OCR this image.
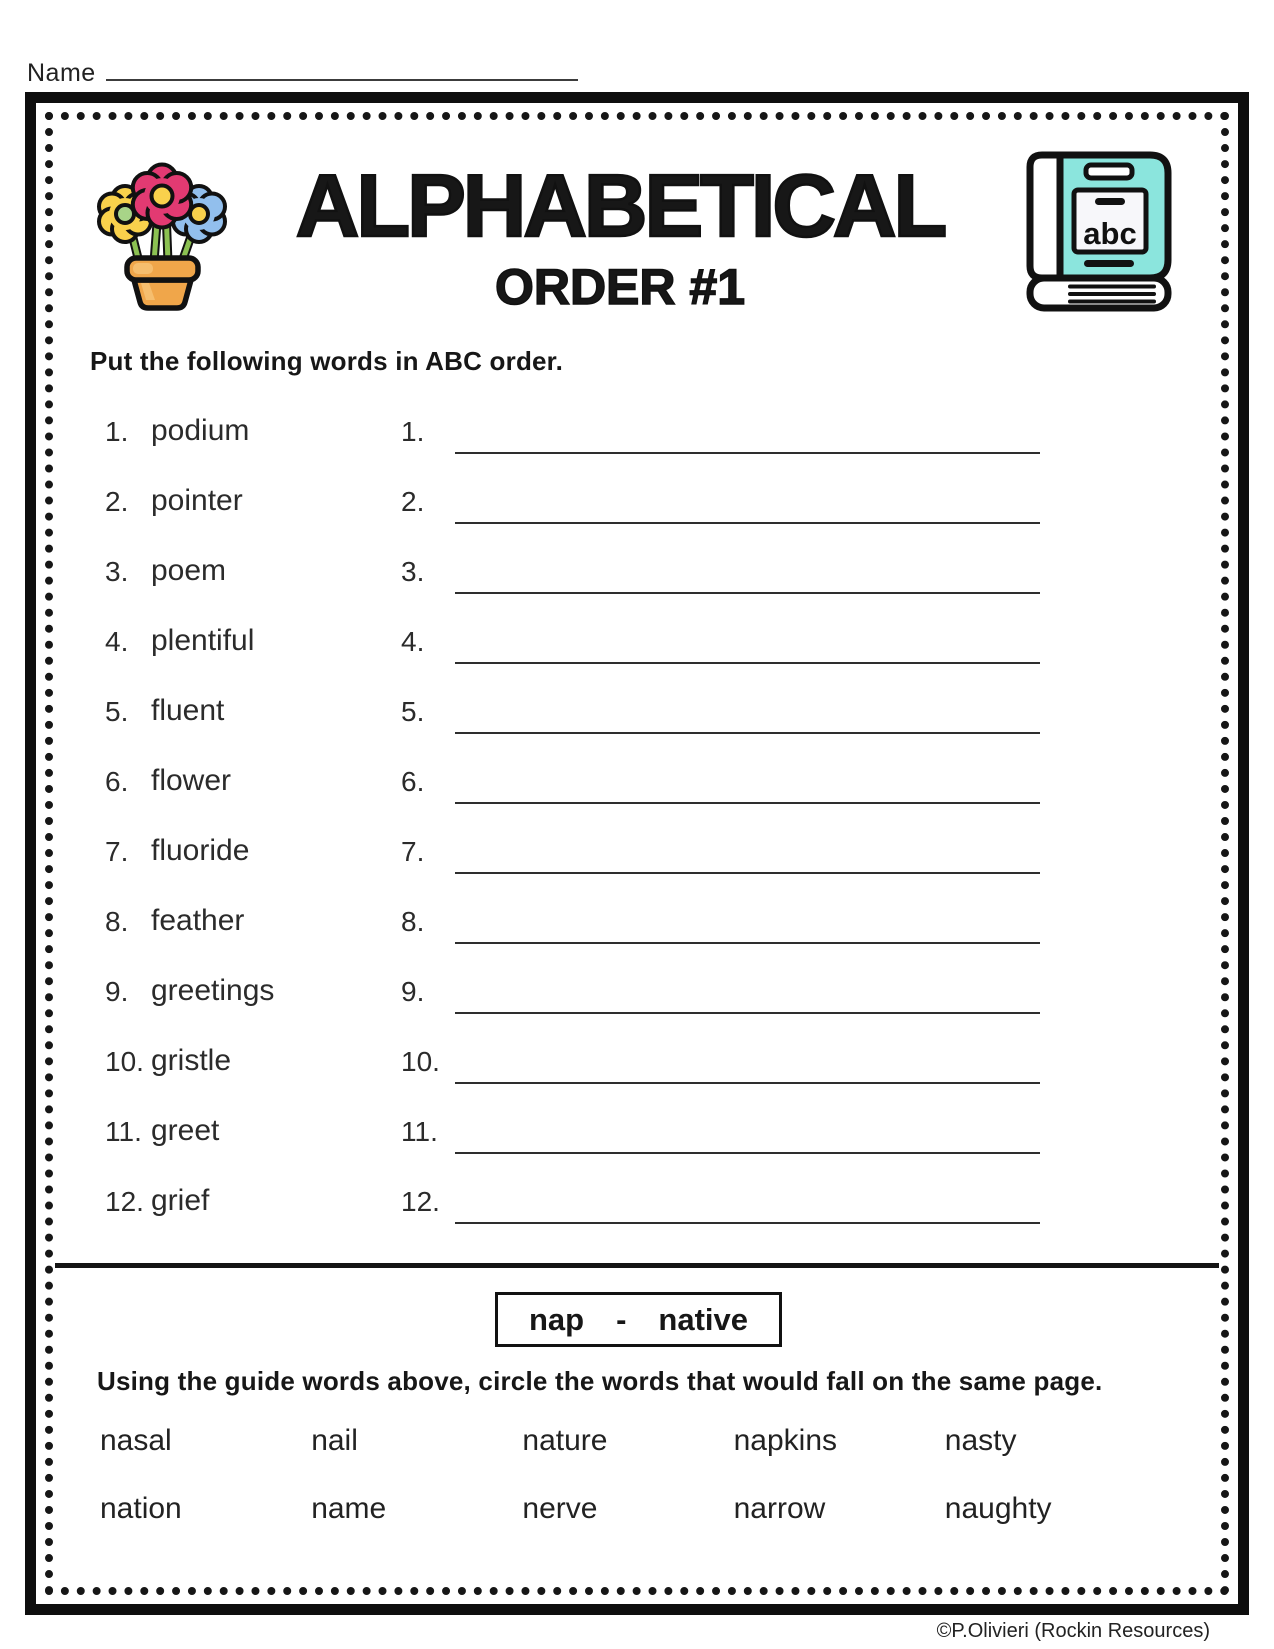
Name
ALPHABETICAL
ORDER #1
abc
Put the following words in ABC order.
1. podium	1.
2. pointer	2.
3. poem	3.
4. plentiful	4.
5. fluent	5.
6. flower	6.
7. fluoride	7.
8. feather	8.
9. greetings	9.
10. gristle	10.
11. greet	11.
12. grief	12.
nap - native
Using the guide words above, circle the words that would fall on the same page.
nasal	nail	nature	napkins	nasty
nation	name	nerve	narrow	naughty
©P.Olivieri (Rockin Resources)
